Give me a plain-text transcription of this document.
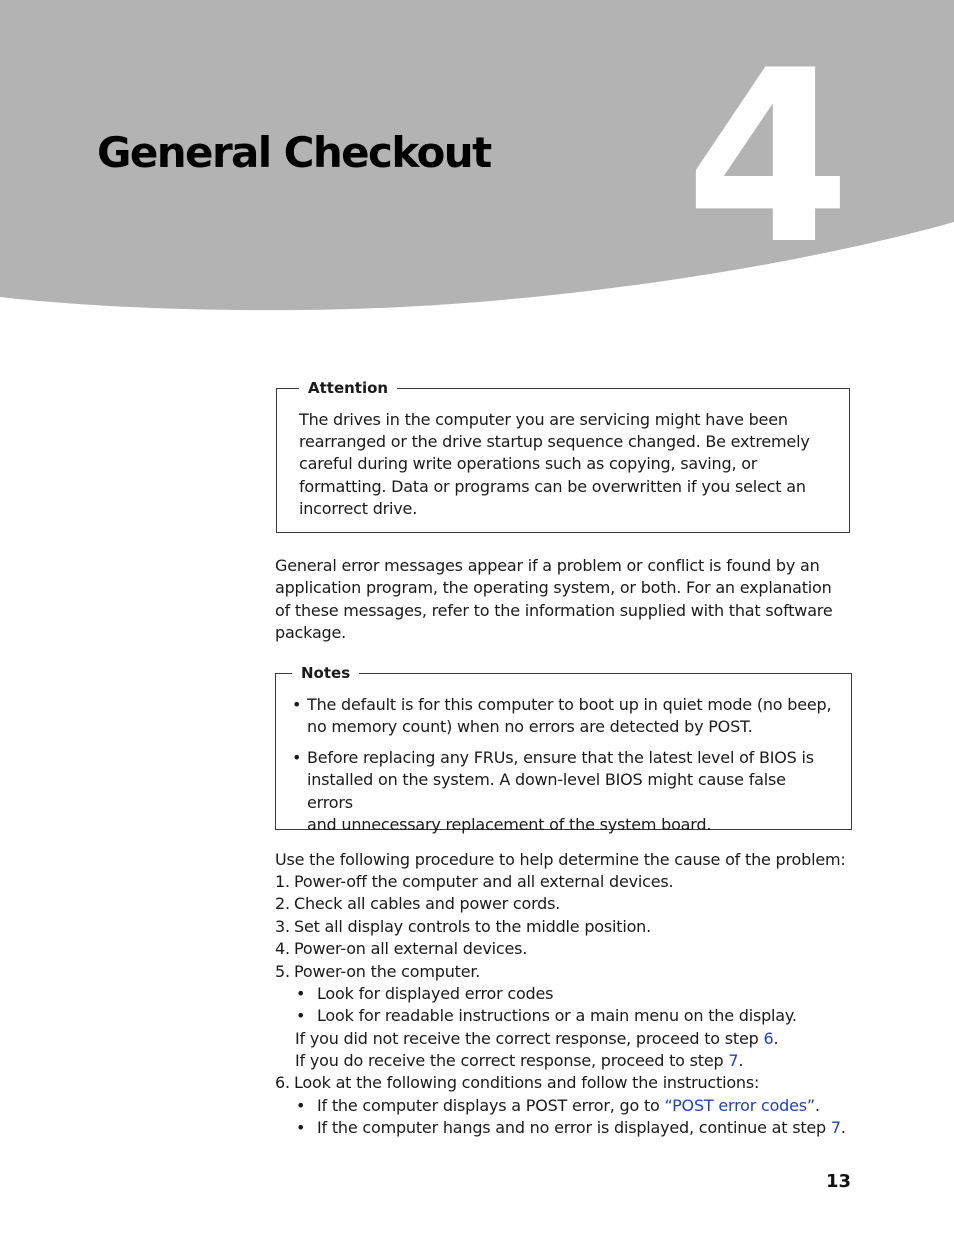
4
General Checkout
Attention
The drives in the computer you are servicing might have been
rearranged or the drive startup sequence changed. Be extremely
careful during write operations such as copying, saving, or
formatting. Data or programs can be overwritten if you select an
incorrect drive.
General error messages appear if a problem or conflict is found by an
application program, the operating system, or both. For an explanation
of these messages, refer to the information supplied with that software
package.
Notes
• The default is for this computer to boot up in quiet mode (no beep,
no memory count) when no errors are detected by POST.
• Before replacing any FRUs, ensure that the latest level of BIOS is
installed on the system. A down-level BIOS might cause false errors
and unnecessary replacement of the system board.
Use the following procedure to help determine the cause of the problem:
1. Power-off the computer and all external devices.
2. Check all cables and power cords.
3. Set all display controls to the middle position.
4. Power-on all external devices.
5. Power-on the computer.
• Look for displayed error codes
• Look for readable instructions or a main menu on the display.
If you did not receive the correct response, proceed to step 6.
If you do receive the correct response, proceed to step 7.
6. Look at the following conditions and follow the instructions:
• If the computer displays a POST error, go to “POST error codes”.
• If the computer hangs and no error is displayed, continue at step 7.
13
